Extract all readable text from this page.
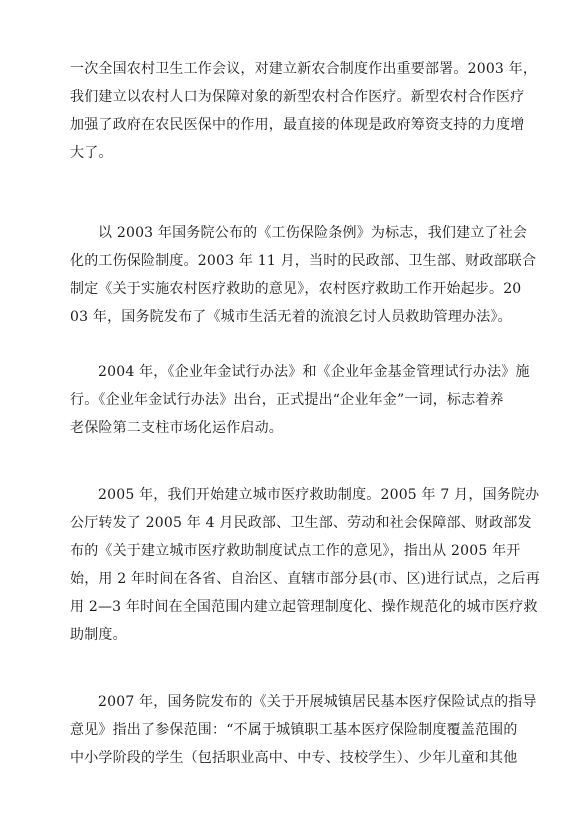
一次全国农村卫生工作会议，对建立新农合制度作出重要部署。2003 年，
我们建立以农村人口为保障对象的新型农村合作医疗。新型农村合作医疗
加强了政府在农民医保中的作用，最直接的体现是政府筹资支持的力度增
大了。
以 2003 年国务院公布的《工伤保险条例》为标志，我们建立了社会
化的工伤保险制度。2003 年 11 月，当时的民政部、卫生部、财政部联合
制定《关于实施农村医疗救助的意见》，农村医疗救助工作开始起步。20
03 年，国务院发布了《城市生活无着的流浪乞讨人员救助管理办法》。
2004 年，《企业年金试行办法》和《企业年金基金管理试行办法》施
行。《企业年金试行办法》出台，正式提出“企业年金”一词，标志着养
老保险第二支柱市场化运作启动。
2005 年，我们开始建立城市医疗救助制度。2005 年 7 月，国务院办
公厅转发了 2005 年 4 月民政部、卫生部、劳动和社会保障部、财政部发
布的《关于建立城市医疗救助制度试点工作的意见》，指出从 2005 年开
始，用 2 年时间在各省、自治区、直辖市部分县(市、区)进行试点，之后再
用 2—3 年时间在全国范围内建立起管理制度化、操作规范化的城市医疗救
助制度。
2007 年，国务院发布的《关于开展城镇居民基本医疗保险试点的指导
意见》指出了参保范围：“不属于城镇职工基本医疗保险制度覆盖范围的
中小学阶段的学生（包括职业高中、中专、技校学生）、少年儿童和其他
